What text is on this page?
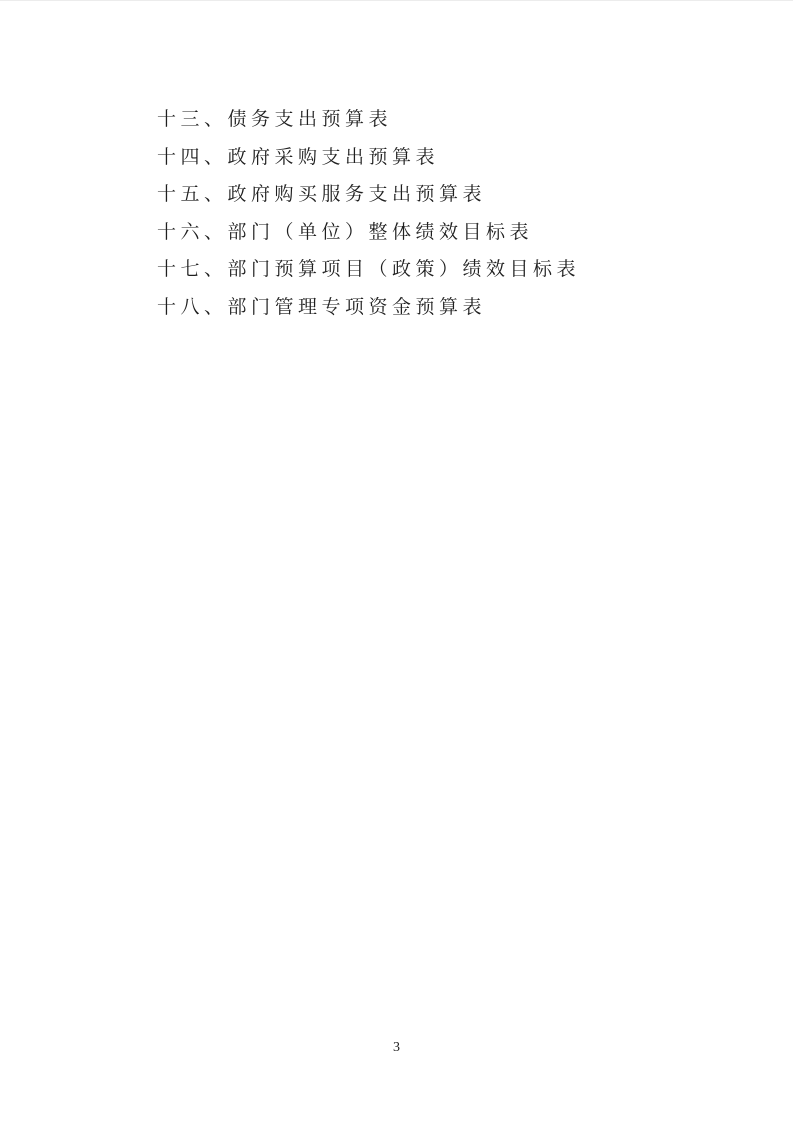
十三、债务支出预算表

十四、政府采购支出预算表

十五、政府购买服务支出预算表

十六、部门（单位）整体绩效目标表

十七、部门预算项目（政策）绩效目标表

十八、部门管理专项资金预算表

3
